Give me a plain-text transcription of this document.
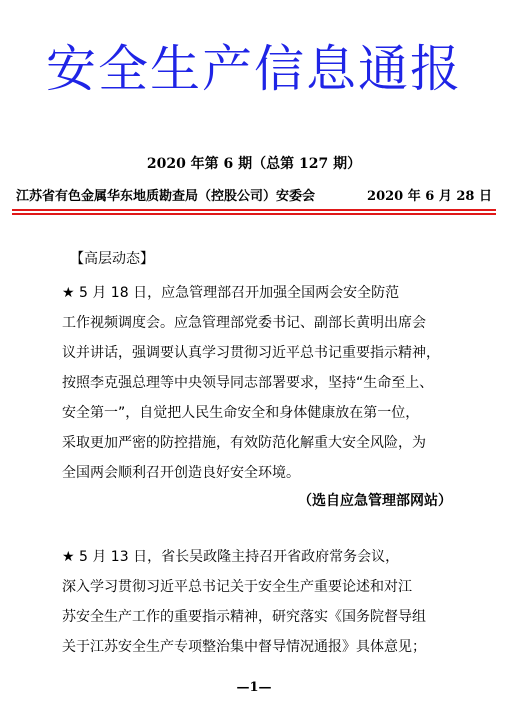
安全生产信息通报
2020 年第 6 期（总第 127 期）
江苏省有色金属华东地质勘查局（控股公司）安委会	2020 年 6 月 28 日
【高层动态】
★ 5 月 18 日，应急管理部召开加强全国两会安全防范
工作视频调度会。应急管理部党委书记、副部长黄明出席会
议并讲话，强调要认真学习贯彻习近平总书记重要指示精神，
按照李克强总理等中央领导同志部署要求，坚持“生命至上、
安全第一”，自觉把人民生命安全和身体健康放在第一位，
采取更加严密的防控措施，有效防范化解重大安全风险，为
全国两会顺利召开创造良好安全环境。
（选自应急管理部网站）
★ 5 月 13 日，省长吴政隆主持召开省政府常务会议，
深入学习贯彻习近平总书记关于安全生产重要论述和对江
苏安全生产工作的重要指示精神，研究落实《国务院督导组
关于江苏安全生产专项整治集中督导情况通报》具体意见；
—1—
